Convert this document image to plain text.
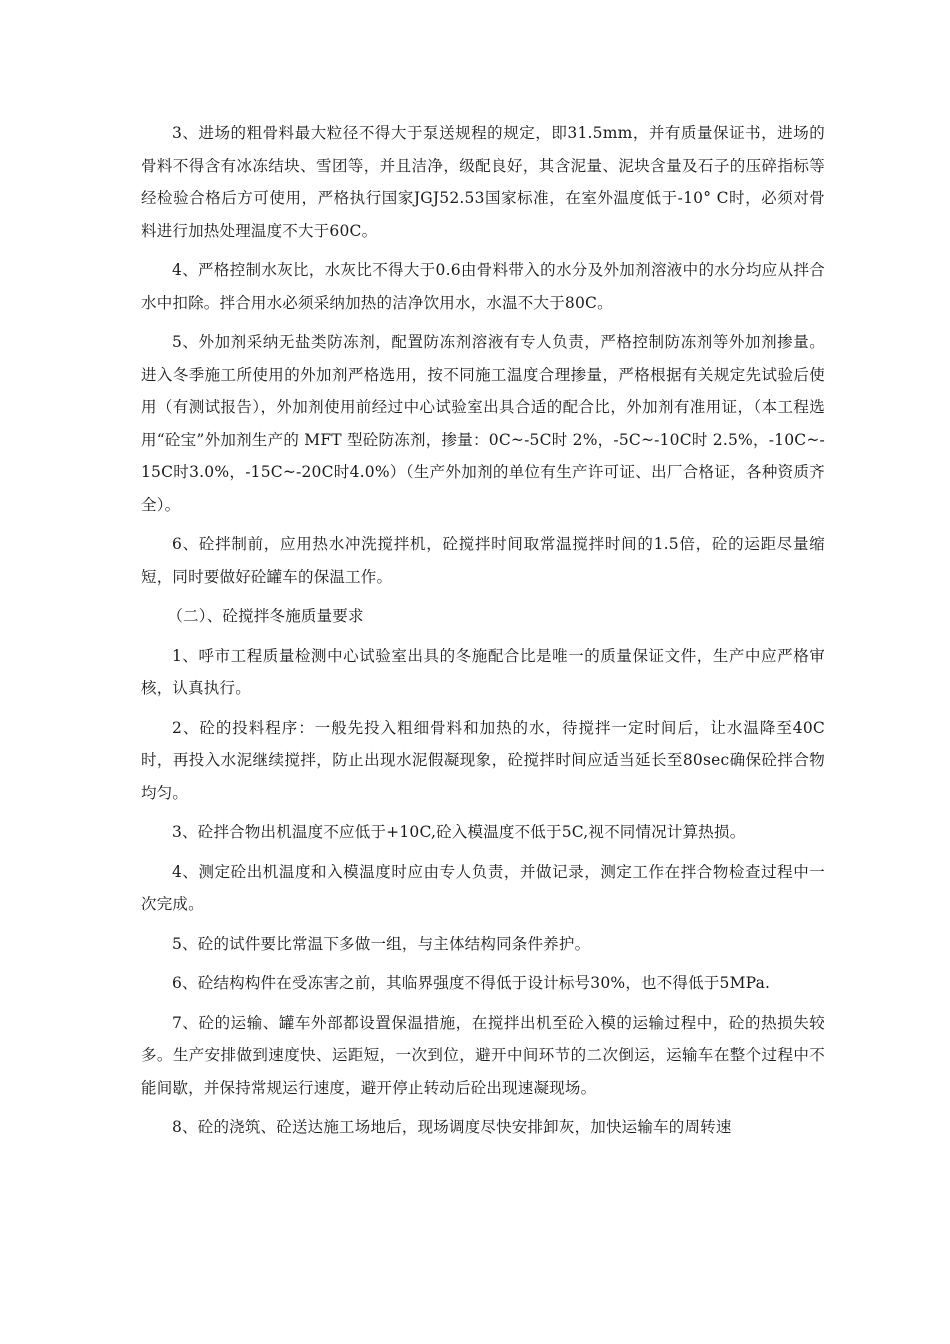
3、进场的粗骨料最大粒径不得大于泵送规程的规定，即31.5mm，并有质量保证书，进场的骨料不得含有冰冻结块、雪团等，并且洁净，级配良好，其含泥量、泥块含量及石子的压碎指标等经检验合格后方可使用，严格执行国家JGJ52.53国家标准，在室外温度低于-10° C时，必须对骨料进行加热处理温度不大于60C。

4、严格控制水灰比，水灰比不得大于0.6由骨料带入的水分及外加剂溶液中的水分均应从拌合水中扣除。拌合用水必须采纳加热的洁净饮用水，水温不大于80C。

5、外加剂采纳无盐类防冻剂，配置防冻剂溶液有专人负责，严格控制防冻剂等外加剂掺量。进入冬季施工所使用的外加剂严格选用，按不同施工温度合理掺量，严格根据有关规定先试验后使用（有测试报告），外加剂使用前经过中心试验室出具合适的配合比，外加剂有准用证，（本工程选用“砼宝”外加剂生产的 MFT 型砼防冻剂，掺量：0C~-5C时 2%，-5C~-10C时 2.5%，-10C~-15C时3.0%，-15C~-20C时4.0%）（生产外加剂的单位有生产许可证、出厂合格证，各种资质齐全）。

6、砼拌制前，应用热水冲洗搅拌机，砼搅拌时间取常温搅拌时间的1.5倍，砼的运距尽量缩短，同时要做好砼罐车的保温工作。

（二）、砼搅拌冬施质量要求

1、呼市工程质量检测中心试验室出具的冬施配合比是唯一的质量保证文件，生产中应严格审核，认真执行。

2、砼的投料程序：一般先投入粗细骨料和加热的水，待搅拌一定时间后，让水温降至40C时，再投入水泥继续搅拌，防止出现水泥假凝现象，砼搅拌时间应适当延长至80sec确保砼拌合物均匀。

3、砼拌合物出机温度不应低于+10C,砼入模温度不低于5C,视不同情况计算热损。

4、测定砼出机温度和入模温度时应由专人负责，并做记录，测定工作在拌合物检查过程中一次完成。

5、砼的试件要比常温下多做一组，与主体结构同条件养护。

6、砼结构构件在受冻害之前，其临界强度不得低于设计标号30%，也不得低于5MPa.

7、砼的运输、罐车外部都设置保温措施，在搅拌出机至砼入模的运输过程中，砼的热损失较多。生产安排做到速度快、运距短，一次到位，避开中间环节的二次倒运，运输车在整个过程中不能间歇，并保持常规运行速度，避开停止转动后砼出现速凝现场。

8、砼的浇筑、砼送达施工场地后，现场调度尽快安排卸灰，加快运输车的周转速
